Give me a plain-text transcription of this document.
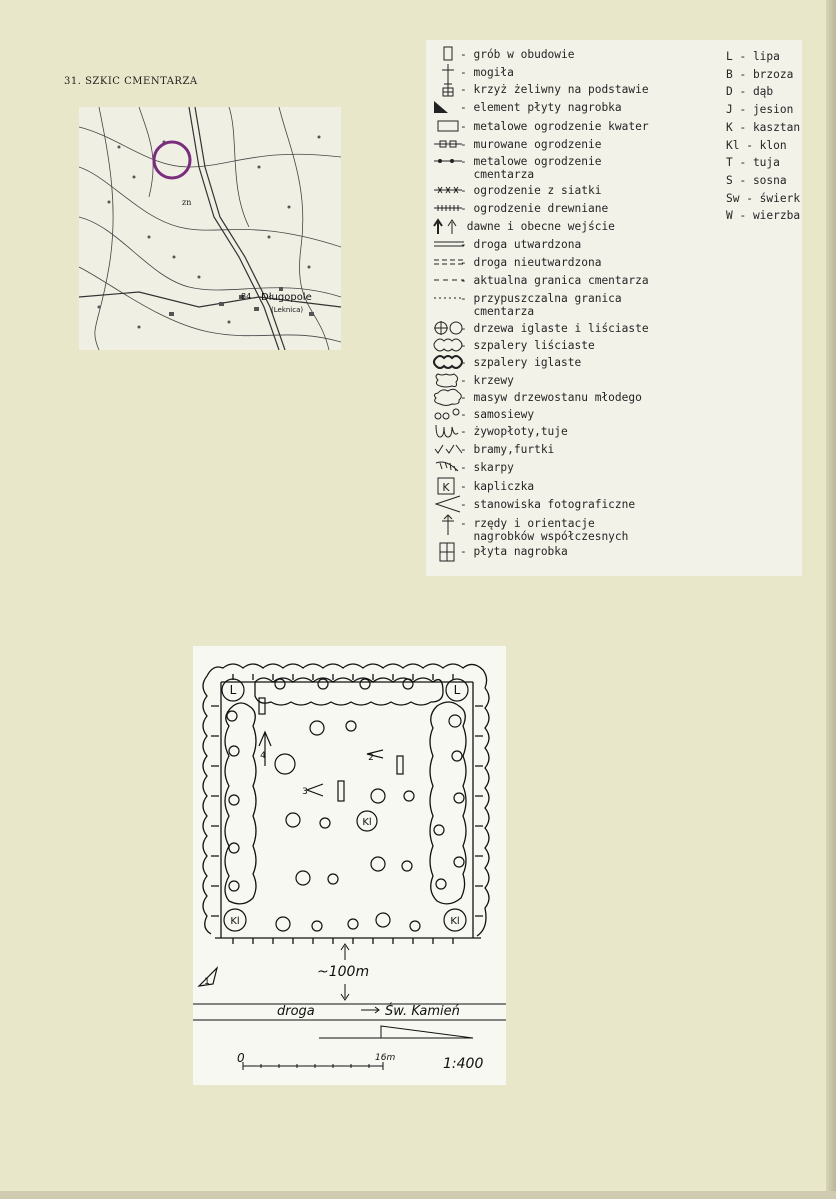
31. SZKIC CMENTARZA
zn
84 Długopole
(Leknica)
- grób w obudowie
- mogiła
- krzyż żeliwny na podstawie
- element płyty nagrobka
- metalowe ogrodzenie kwater
- murowane ogrodzenie
- metalowe ogrodzenie
cmentarza
- ogrodzenie z siatki
- ogrodzenie drewniane
dawne i obecne wejście
- droga utwardzona
- droga nieutwardzona
- aktualna granica cmentarza
- przypuszczalna granica
cmentarza
- drzewa iglaste i liściaste
- szpalery liściaste
- szpalery iglaste
- krzewy
- masyw drzewostanu młodego
- samosiewy
- żywopłoty,tuje
- bramy,furtki
- skarpy
K - kapliczka
- stanowiska fotograficzne
- rzędy i orientacje
nagrobków współczesnych
- płyta nagrobka
L - lipa
B - brzoza
D - dąb
J - jesion
K - kasztan
Kl - klon
T - tuja
S - sosna
Sw - świerk
W - wierzba
L	L
Kl	Kl
Kl
1
2
3
4
~100m
droga	Św. Kamień
0	16m	1:400
